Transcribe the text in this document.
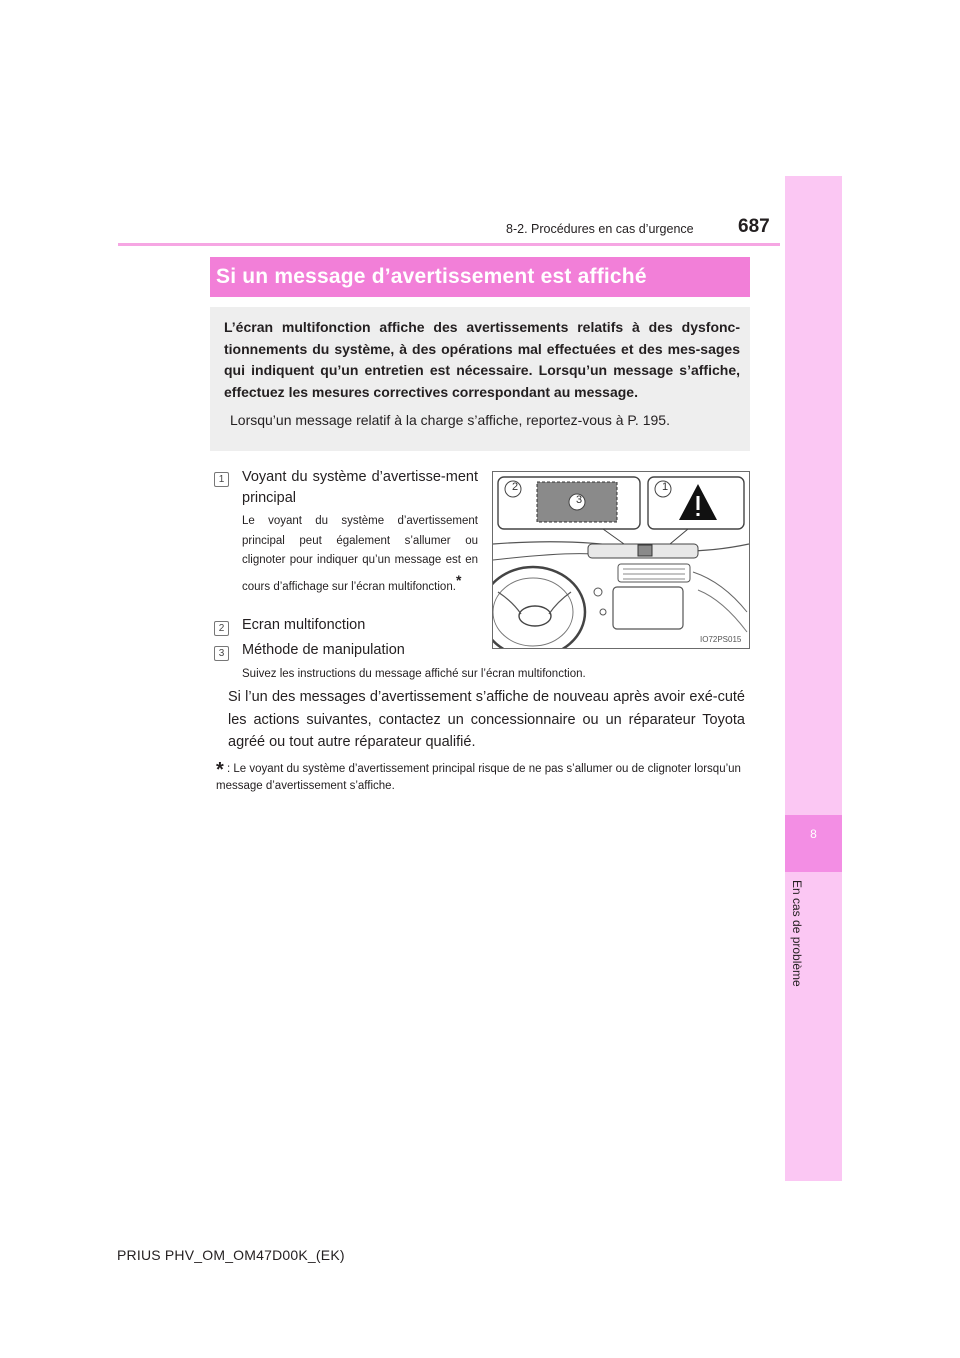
687
8-2. Procédures en cas d’urgence
8
En cas de problème
Si un message d’avertissement est affiché
L’écran multifonction affiche des avertissements relatifs à des dysfonc-tionnements du système, à des opérations mal effectuées et des mes-sages qui indiquent qu’un entretien est nécessaire. Lorsqu’un message s’affiche, effectuez les mesures correctives correspondant au message.
Lorsqu’un message relatif à la charge s’affiche, reportez-vous à P. 195.
1	Voyant du système d’avertisse-ment principal
Le voyant du système d’avertissement principal peut également s’allumer ou clignoter pour indiquer qu’un message est en cours d’affichage sur l’écran multifonction.*
2	Ecran multifonction
3	Méthode de manipulation
Suivez les instructions du message affiché sur l’écran multifonction.
Si l’un des messages d’avertissement s’affiche de nouveau après avoir exé-cuté les actions suivantes, contactez un concessionnaire ou un réparateur Toyota agréé ou tout autre réparateur qualifié.
* : Le voyant du système d’avertissement principal risque de ne pas s’allumer ou de clignoter lorsqu’un message d’avertissement s’affiche.
2
3
1
IO72PS015
PRIUS PHV_OM_OM47D00K_(EK)
